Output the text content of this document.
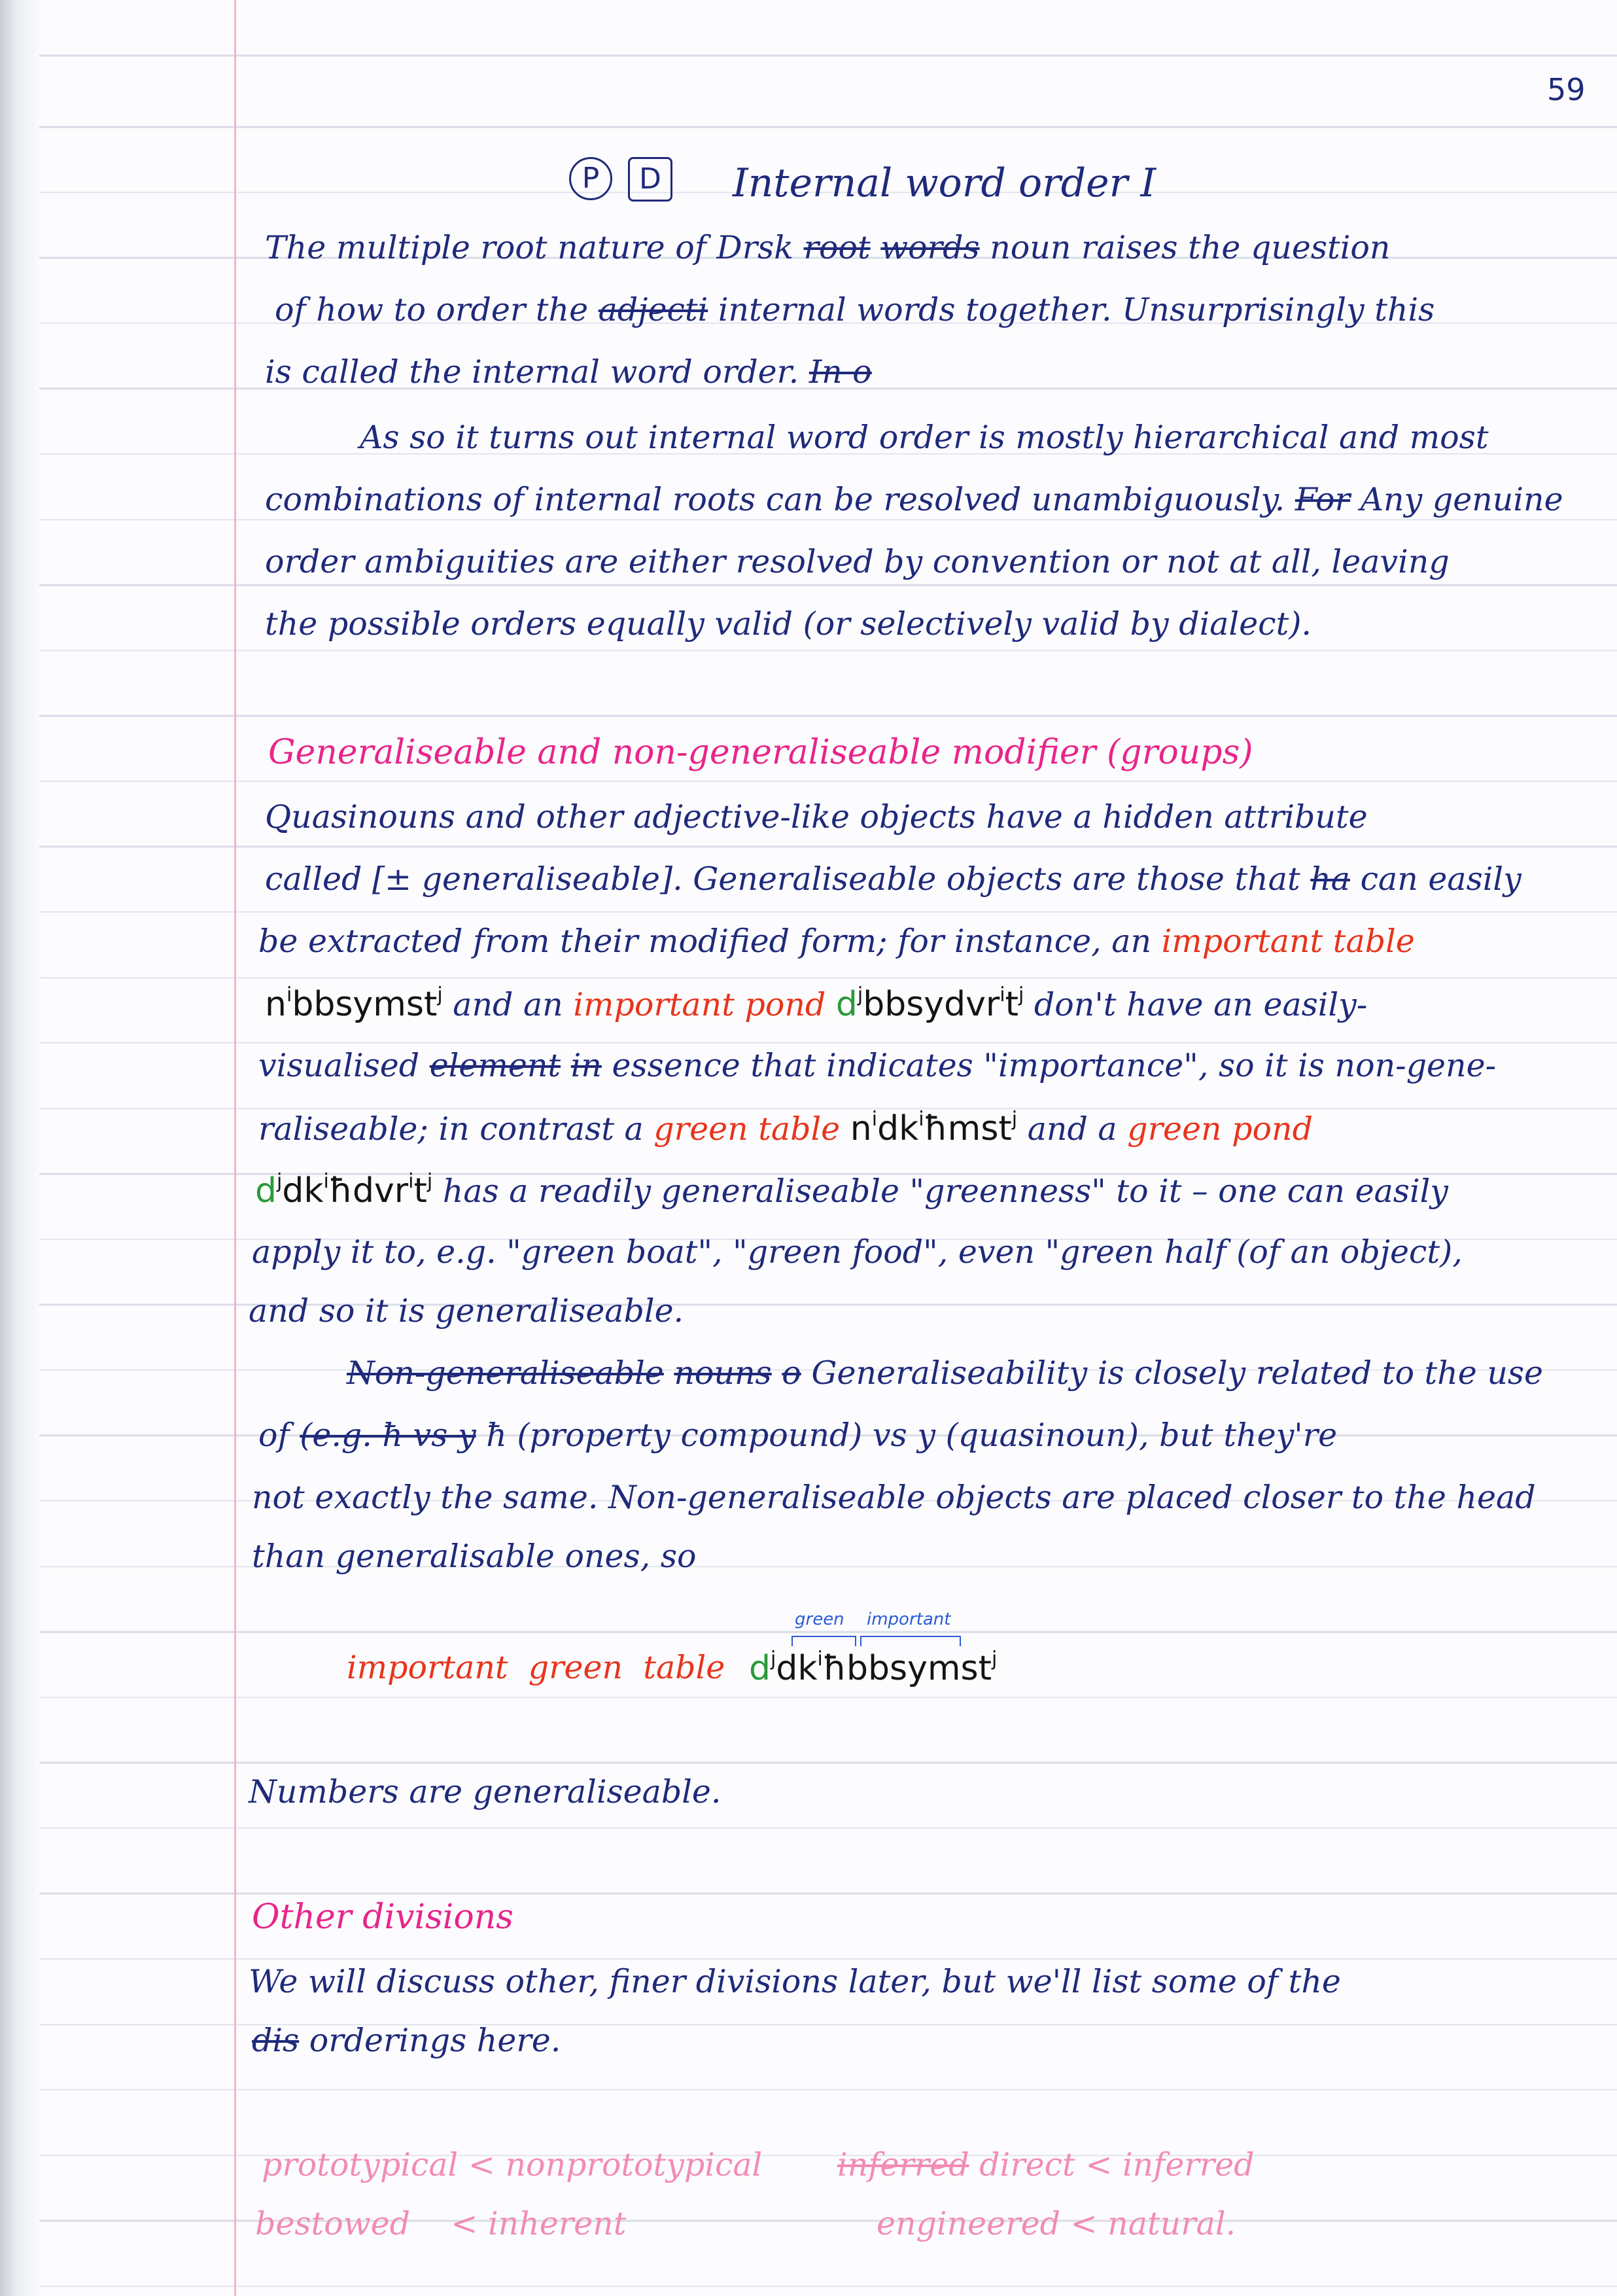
59
P	D Internal word order I
The multiple root nature of Drsk root words noun raises the question
of how to order the adjecti internal words together. Unsurprisingly this
is called the internal word order. In o
As so it turns out internal word order is mostly hierarchical and most
combinations of internal roots can be resolved unambiguously. For Any genuine
order ambiguities are either resolved by convention or not at all, leaving
the possible orders equally valid (or selectively valid by dialect).
Generaliseable and non-generaliseable modifier (groups)
Quasinouns and other adjective-like objects have a hidden attribute
called [± generaliseable]. Generaliseable objects are those that ha can easily
be extracted from their modified form; for instance, an important table
$n^ibbsymst^j$ and an important pond $d^jbbsydvr^it^j$ don't have an easily-
visualised element in essence that indicates "importance", so it is non-gene-
raliseable; in contrast a green table $n^idk^iħmst^j$ and a green pond
$d^jdk^iħdvr^it^j$ has a readily generaliseable "greenness" to it – one can easily
apply it to, e.g. "green boat", "green food", even "green half (of an object),
and so it is generaliseable.
Non-generaliseable nouns o Generaliseability is closely related to the use
of (e.g. ħ vs y ħ (property compound) vs y (quasinoun), but they're
not exactly the same. Non-generaliseable objects are placed closer to the head
than generalisable ones, so
green important
important green table $d^jdk^iħbbsymst^j$
Numbers are generaliseable.
Other divisions
We will discuss other, finer divisions later, but we'll list some of the
dis orderings here.
prototypical < nonprototypical inferred direct < inferred
bestowed < inherent	engineered < natural.
